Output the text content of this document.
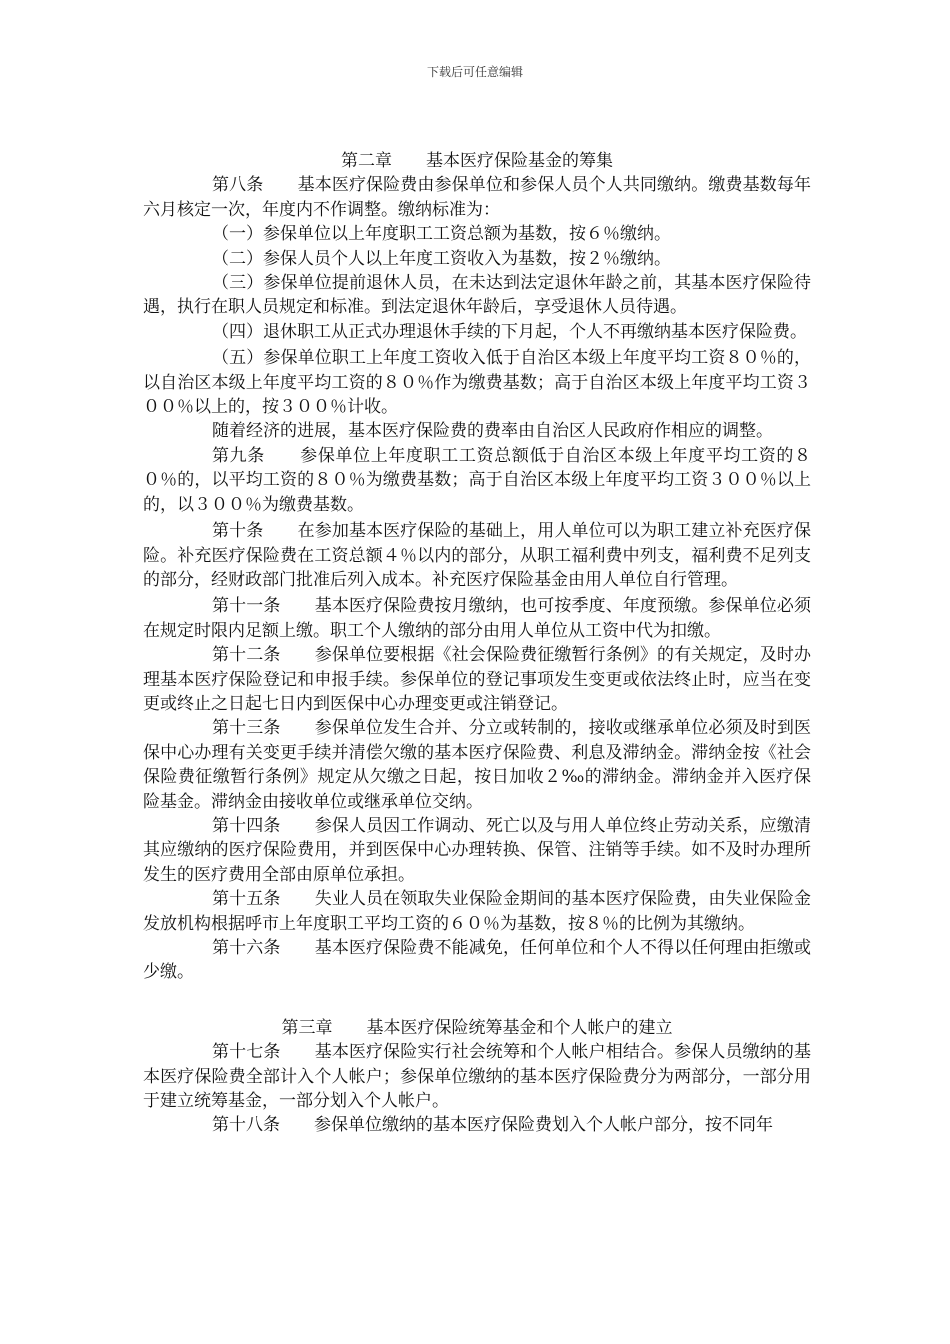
下载后可任意编辑

第二章　　基本医疗保险基金的筹集

第八条　　基本医疗保险费由参保单位和参保人员个人共同缴纳。缴费基数每年六月核定一次，年度内不作调整。缴纳标准为：

（一）参保单位以上年度职工工资总额为基数，按６％缴纳。

（二）参保人员个人以上年度工资收入为基数，按２％缴纳。

（三）参保单位提前退休人员，在未达到法定退休年龄之前，其基本医疗保险待遇，执行在职人员规定和标准。到法定退休年龄后，享受退休人员待遇。

（四）退休职工从正式办理退休手续的下月起，个人不再缴纳基本医疗保险费。

（五）参保单位职工上年度工资收入低于自治区本级上年度平均工资８０％的，以自治区本级上年度平均工资的８０％作为缴费基数；高于自治区本级上年度平均工资３００％以上的，按３００％计收。

随着经济的进展，基本医疗保险费的费率由自治区人民政府作相应的调整。

第九条　　参保单位上年度职工工资总额低于自治区本级上年度平均工资的８０％的，以平均工资的８０％为缴费基数；高于自治区本级上年度平均工资３００％以上的，以３００％为缴费基数。

第十条　　在参加基本医疗保险的基础上，用人单位可以为职工建立补充医疗保险。补充医疗保险费在工资总额４％以内的部分，从职工福利费中列支，福利费不足列支的部分，经财政部门批准后列入成本。补充医疗保险基金由用人单位自行管理。

第十一条　　基本医疗保险费按月缴纳，也可按季度、年度预缴。参保单位必须在规定时限内足额上缴。职工个人缴纳的部分由用人单位从工资中代为扣缴。

第十二条　　参保单位要根据《社会保险费征缴暂行条例》的有关规定，及时办理基本医疗保险登记和申报手续。参保单位的登记事项发生变更或依法终止时，应当在变更或终止之日起七日内到医保中心办理变更或注销登记。

第十三条　　参保单位发生合并、分立或转制的，接收或继承单位必须及时到医保中心办理有关变更手续并清偿欠缴的基本医疗保险费、利息及滞纳金。滞纳金按《社会保险费征缴暂行条例》规定从欠缴之日起，按日加收２‰的滞纳金。滞纳金并入医疗保险基金。滞纳金由接收单位或继承单位交纳。

第十四条　　参保人员因工作调动、死亡以及与用人单位终止劳动关系，应缴清其应缴纳的医疗保险费用，并到医保中心办理转换、保管、注销等手续。如不及时办理所发生的医疗费用全部由原单位承担。

第十五条　　失业人员在领取失业保险金期间的基本医疗保险费，由失业保险金发放机构根据呼市上年度职工平均工资的６０％为基数，按８％的比例为其缴纳。

第十六条　　基本医疗保险费不能减免，任何单位和个人不得以任何理由拒缴或少缴。

第三章　　基本医疗保险统筹基金和个人帐户的建立

第十七条　　基本医疗保险实行社会统筹和个人帐户相结合。参保人员缴纳的基本医疗保险费全部计入个人帐户；参保单位缴纳的基本医疗保险费分为两部分，一部分用于建立统筹基金，一部分划入个人帐户。

第十八条　　参保单位缴纳的基本医疗保险费划入个人帐户部分，按不同年
